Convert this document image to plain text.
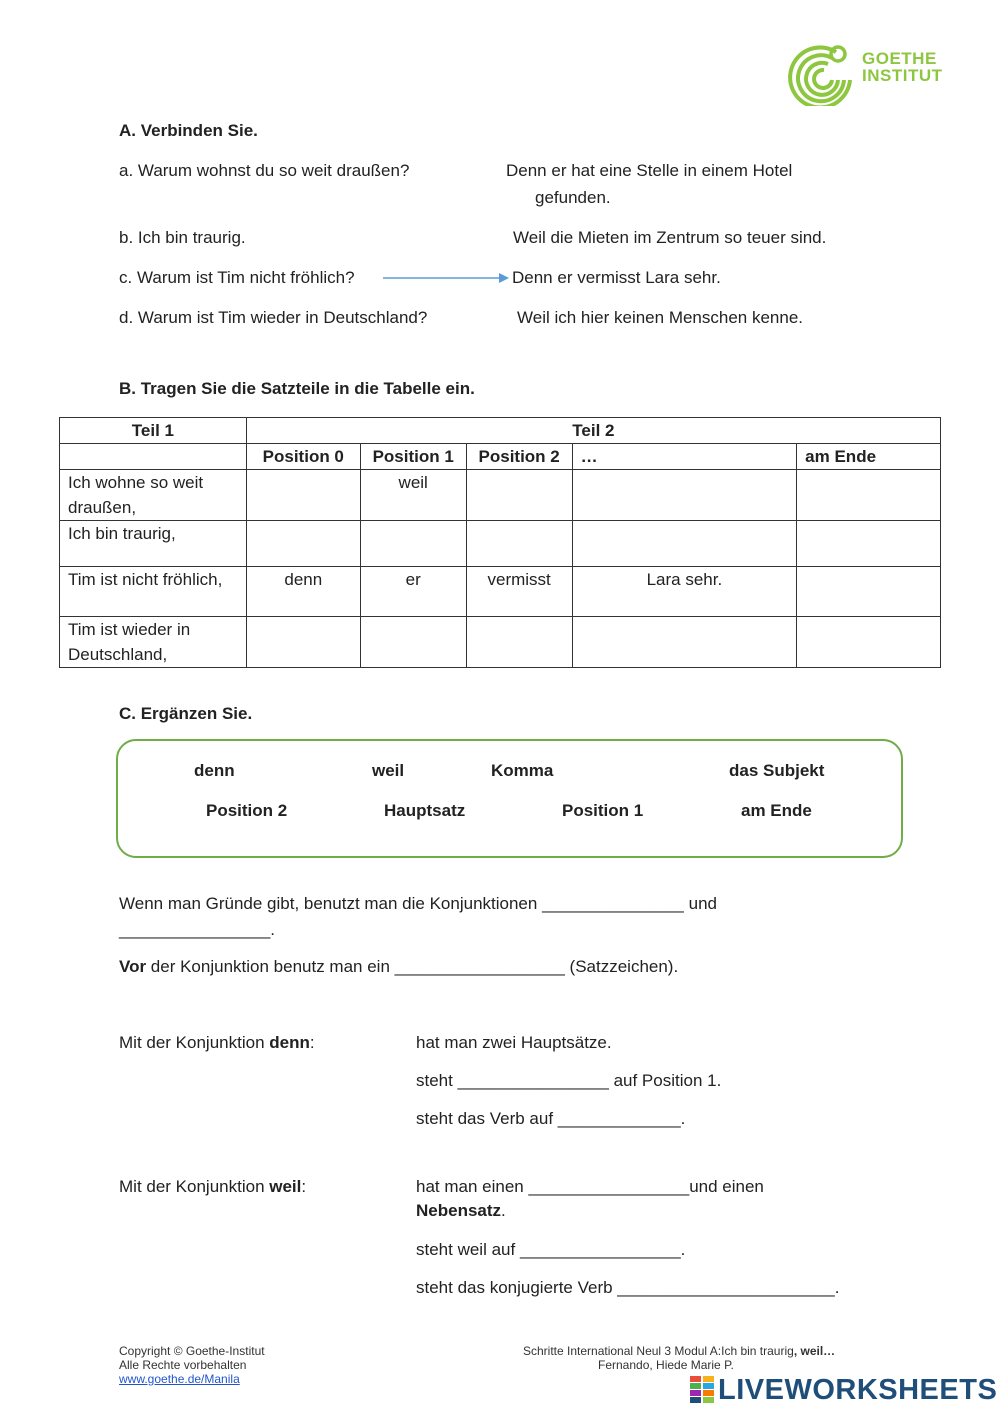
GOETHE
INSTITUT
A. Verbinden Sie.
a. Warum wohnst du so weit draußen?
b. Ich bin traurig.
c. Warum ist Tim nicht fröhlich?
d. Warum ist Tim wieder in Deutschland?
Denn er hat eine Stelle in einem Hotel
gefunden.
Weil die Mieten im Zentrum so teuer sind.
Denn er vermisst Lara sehr.
Weil ich hier keinen Menschen kenne.
B. Tragen Sie die Satzteile in die Tabelle ein.
Teil 1	Teil 2				
	Position 0	Position 1	Position 2	…	am Ende
Ich wohne so weit draußen,		weil			
Ich bin traurig,					
Tim ist nicht fröhlich,	denn	er	vermisst	Lara sehr.	
Tim ist wieder in Deutschland,					
C. Ergänzen Sie.
denn	weil	Komma	das Subjekt
Position 2	Hauptsatz	Position 1	am Ende
Wenn man Gründe gibt, benutzt man die Konjunktionen _______________ und
________________.
Vor der Konjunktion benutz man ein __________________ (Satzzeichen).
Mit der Konjunktion denn:	hat man zwei Hauptsätze.
steht ________________ auf Position 1.
steht das Verb auf _____________.
Mit der Konjunktion weil:	hat man einen _________________und einen
Nebensatz.
steht weil auf _________________.
steht das konjugierte Verb _______________________.
Copyright © Goethe-Institut
Alle Rechte vorbehalten
www.goethe.de/Manila
Schritte International Neul 3 Modul A:Ich bin traurig, weil…
Fernando, Hiede Marie P.
LIVEWORKSHEETS
